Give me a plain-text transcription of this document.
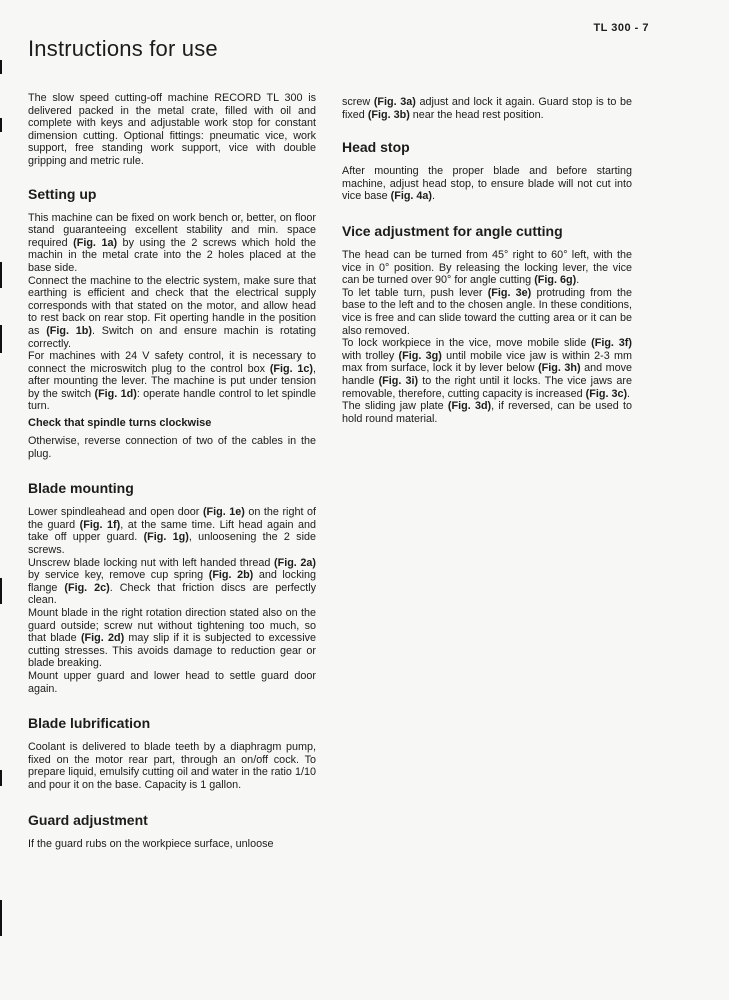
TL 300 - 7
Instructions for use

The slow speed cutting-off machine RECORD TL 300 is delivered packed in the metal crate, filled with oil and complete with keys and adjustable work stop for constant dimension cutting. Optional fittings: pneumatic vice, work support, free standing work support, vice with double gripping and metric rule.

Setting up

This machine can be fixed on work bench or, better, on floor stand guaranteeing excellent stability and min. space required (Fig. 1a) by using the 2 screws which hold the machin in the metal crate into the 2 holes placed at the base side.

Connect the machine to the electric system, make sure that earthing is efficient and check that the electrical supply corresponds with that stated on the motor, and allow head to rest back on rear stop. Fit operting handle in the position as (Fig. 1b). Switch on and ensure machin is rotating correctly.

For machines with 24 V safety control, it is necessary to connect the microswitch plug to the control box (Fig. 1c), after mounting the lever. The machine is put under tension by the switch (Fig. 1d): operate handle control to let spindle turn.

Check that spindle turns clockwise

Otherwise, reverse connection of two of the cables in the plug.

Blade mounting

Lower spindleahead and open door (Fig. 1e) on the right of the guard (Fig. 1f), at the same time. Lift head again and take off upper guard. (Fig. 1g), unloosening the 2 side screws.

Unscrew blade locking nut with left handed thread (Fig. 2a) by service key, remove cup spring (Fig. 2b) and locking flange (Fig. 2c). Check that friction discs are perfectly clean.

Mount blade in the right rotation direction stated also on the guard outside; screw nut without tightening too much, so that blade (Fig. 2d) may slip if it is subjected to excessive cutting stresses. This avoids damage to reduction gear or blade breaking.

Mount upper guard and lower head to settle guard door again.

Blade lubrification

Coolant is delivered to blade teeth by a diaphragm pump, fixed on the motor rear part, through an on/off cock. To prepare liquid, emulsify cutting oil and water in the ratio 1/10 and pour it on the base. Capacity is 1 gallon.

Guard adjustment

If the guard rubs on the workpiece surface, unloose

screw (Fig. 3a) adjust and lock it again. Guard stop is to be fixed (Fig. 3b) near the head rest position.

Head stop

After mounting the proper blade and before starting machine, adjust head stop, to ensure blade will not cut into vice base (Fig. 4a).

Vice adjustment for angle cutting

The head can be turned from 45° right to 60° left, with the vice in 0° position. By releasing the locking lever, the vice can be turned over 90° for angle cutting (Fig. 6g).

To let table turn, push lever (Fig. 3e) protruding from the base to the left and to the chosen angle. In these conditions, vice is free and can slide toward the cutting area or it can be also removed.

To lock workpiece in the vice, move mobile slide (Fig. 3f) with trolley (Fig. 3g) until mobile vice jaw is within 2-3 mm max from surface, lock it by lever below (Fig. 3h) and move handle (Fig. 3i) to the right until it locks. The vice jaws are removable, therefore, cutting capacity is increased (Fig. 3c).

The sliding jaw plate (Fig. 3d), if reversed, can be used to hold round material.
